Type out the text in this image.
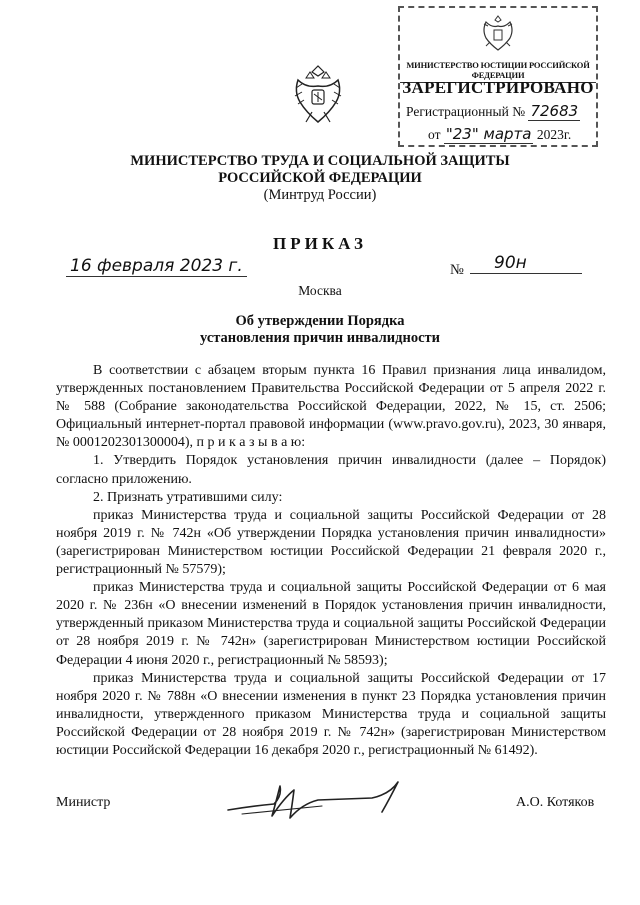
МИНИСТЕРСТВО ЮСТИЦИИ РОССИЙСКОЙ ФЕДЕРАЦИИ
ЗАРЕГИСТРИРОВАНО
Регистрационный № 72683
от "23" марта 2023г.
МИНИСТЕРСТВО ТРУДА И СОЦИАЛЬНОЙ ЗАЩИТЫ
РОССИЙСКОЙ ФЕДЕРАЦИИ
(Минтруд России)
ПРИКАЗ
16 февраля 2023 г.	№	90н
Москва
Об утверждении Порядка
установления причин инвалидности

В соответствии с абзацем вторым пункта 16 Правил признания лица инвалидом, утвержденных постановлением Правительства Российской Федерации от 5 апреля 2022 г. № 588 (Собрание законодательства Российской Федерации, 2022, № 15, ст. 2506; Официальный интернет-портал правовой информации (www.pravo.gov.ru), 2023, 30 января, № 0001202301300004), п р и к а з ы в а ю:

1. Утвердить Порядок установления причин инвалидности (далее – Порядок) согласно приложению.

2. Признать утратившими силу:

приказ Министерства труда и социальной защиты Российской Федерации от 28 ноября 2019 г. № 742н «Об утверждении Порядка установления причин инвалидности» (зарегистрирован Министерством юстиции Российской Федерации 21 февраля 2020 г., регистрационный № 57579);

приказ Министерства труда и социальной защиты Российской Федерации от 6 мая 2020 г. № 236н «О внесении изменений в Порядок установления причин инвалидности, утвержденный приказом Министерства труда и социальной защиты Российской Федерации от 28 ноября 2019 г. № 742н» (зарегистрирован Министерством юстиции Российской Федерации 4 июня 2020 г., регистрационный № 58593);

приказ Министерства труда и социальной защиты Российской Федерации от 17 ноября 2020 г. № 788н «О внесении изменения в пункт 23 Порядка установления причин инвалидности, утвержденного приказом Министерства труда и социальной защиты Российской Федерации от 28 ноября 2019 г. № 742н» (зарегистрирован Министерством юстиции Российской Федерации 16 декабря 2020 г., регистрационный № 61492).

Министр	А.О. Котяков
